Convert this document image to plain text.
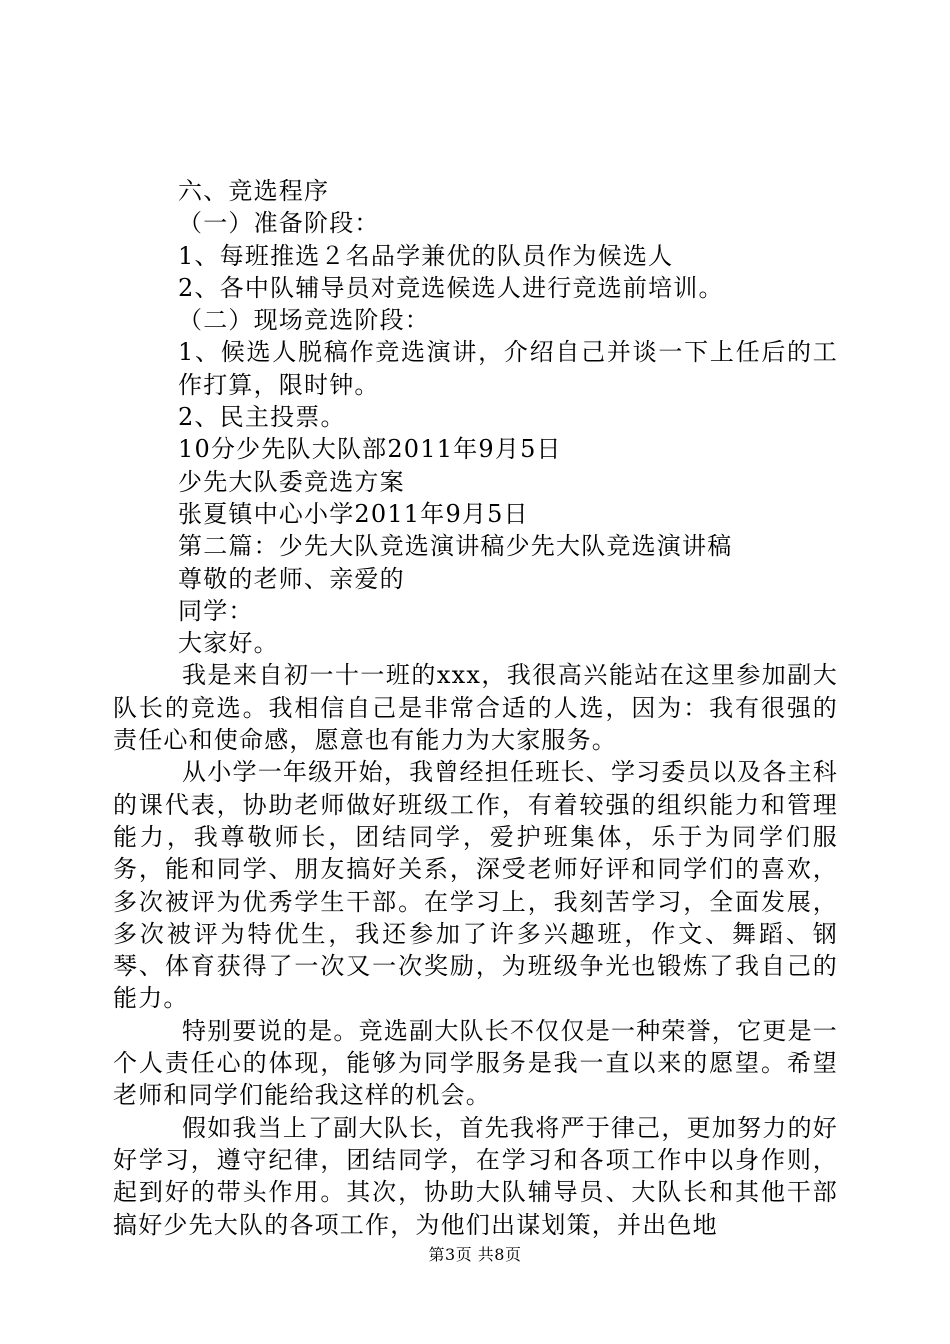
六、竞选程序
（一）准备阶段：
1、每班推选２名品学兼优的队员作为候选人
2、各中队辅导员对竞选候选人进行竞选前培训。
（二）现场竞选阶段：

1、候选人脱稿作竞选演讲，介绍自己并谈一下上任后的工作打算，限时钟。

2、民主投票。
10分少先队大队部2011年9月5日
少先大队委竞选方案
张夏镇中心小学2011年9月5日
第二篇：少先大队竞选演讲稿少先大队竞选演讲稿
尊敬的老师、亲爱的
同学：
大家好。

我是来自初一十一班的xxx，我很高兴能站在这里参加副大队长的竞选。我相信自己是非常合适的人选，因为：我有很强的责任心和使命感，愿意也有能力为大家服务。

从小学一年级开始，我曾经担任班长、学习委员以及各主科的课代表，协助老师做好班级工作，有着较强的组织能力和管理能力，我尊敬师长，团结同学，爱护班集体，乐于为同学们服务，能和同学、朋友搞好关系，深受老师好评和同学们的喜欢，多次被评为优秀学生干部。在学习上，我刻苦学习，全面发展，多次被评为特优生，我还参加了许多兴趣班，作文、舞蹈、钢琴、体育获得了一次又一次奖励，为班级争光也锻炼了我自己的能力。

特别要说的是。竞选副大队长不仅仅是一种荣誉，它更是一个人责任心的体现，能够为同学服务是我一直以来的愿望。希望老师和同学们能给我这样的机会。

假如我当上了副大队长，首先我将严于律己，更加努力的好好学习，遵守纪律，团结同学，在学习和各项工作中以身作则，起到好的带头作用。其次，协助大队辅导员、大队长和其他干部搞好少先大队的各项工作，为他们出谋划策，并出色地

第3页 共8页
